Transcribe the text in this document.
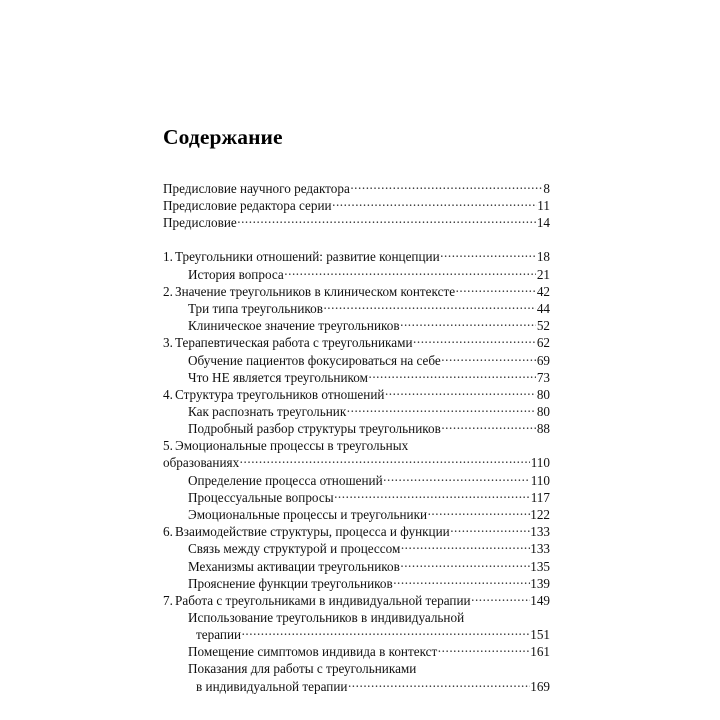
Содержание
Предисловие научного редактора .....	8
Предисловие редактора серии .....	11
Предисловие .....	14
1. Треугольники отношений: развитие концепции .....	18
История вопроса .....	21
2. Значение треугольников в клиническом контексте .....	42
Три типа треугольников .....	44
Клиническое значение треугольников .....	52
3. Терапевтическая работа с треугольниками .....	62
Обучение пациентов фокусироваться на себе .....	69
Что НЕ является треугольником .....	73
4. Структура треугольников отношений .....	80
Как распознать треугольник .....	80
Подробный разбор структуры треугольников .....	88
5. Эмоциональные процессы в треугольных
образованиях .....	110
Определение процесса отношений .....	110
Процессуальные вопросы .....	117
Эмоциональные процессы и треугольники .....	122
6. Взаимодействие структуры, процесса и функции .....	133
Связь между структурой и процессом .....	133
Механизмы активации треугольников .....	135
Прояснение функции треугольников .....	139
7. Работа с треугольниками в индивидуальной терапии .....	149
Использование треугольников в индивидуальной
терапии .....	151
Помещение симптомов индивида в контекст .....	161
Показания для работы с треугольниками
в индивидуальной терапии .....	169
